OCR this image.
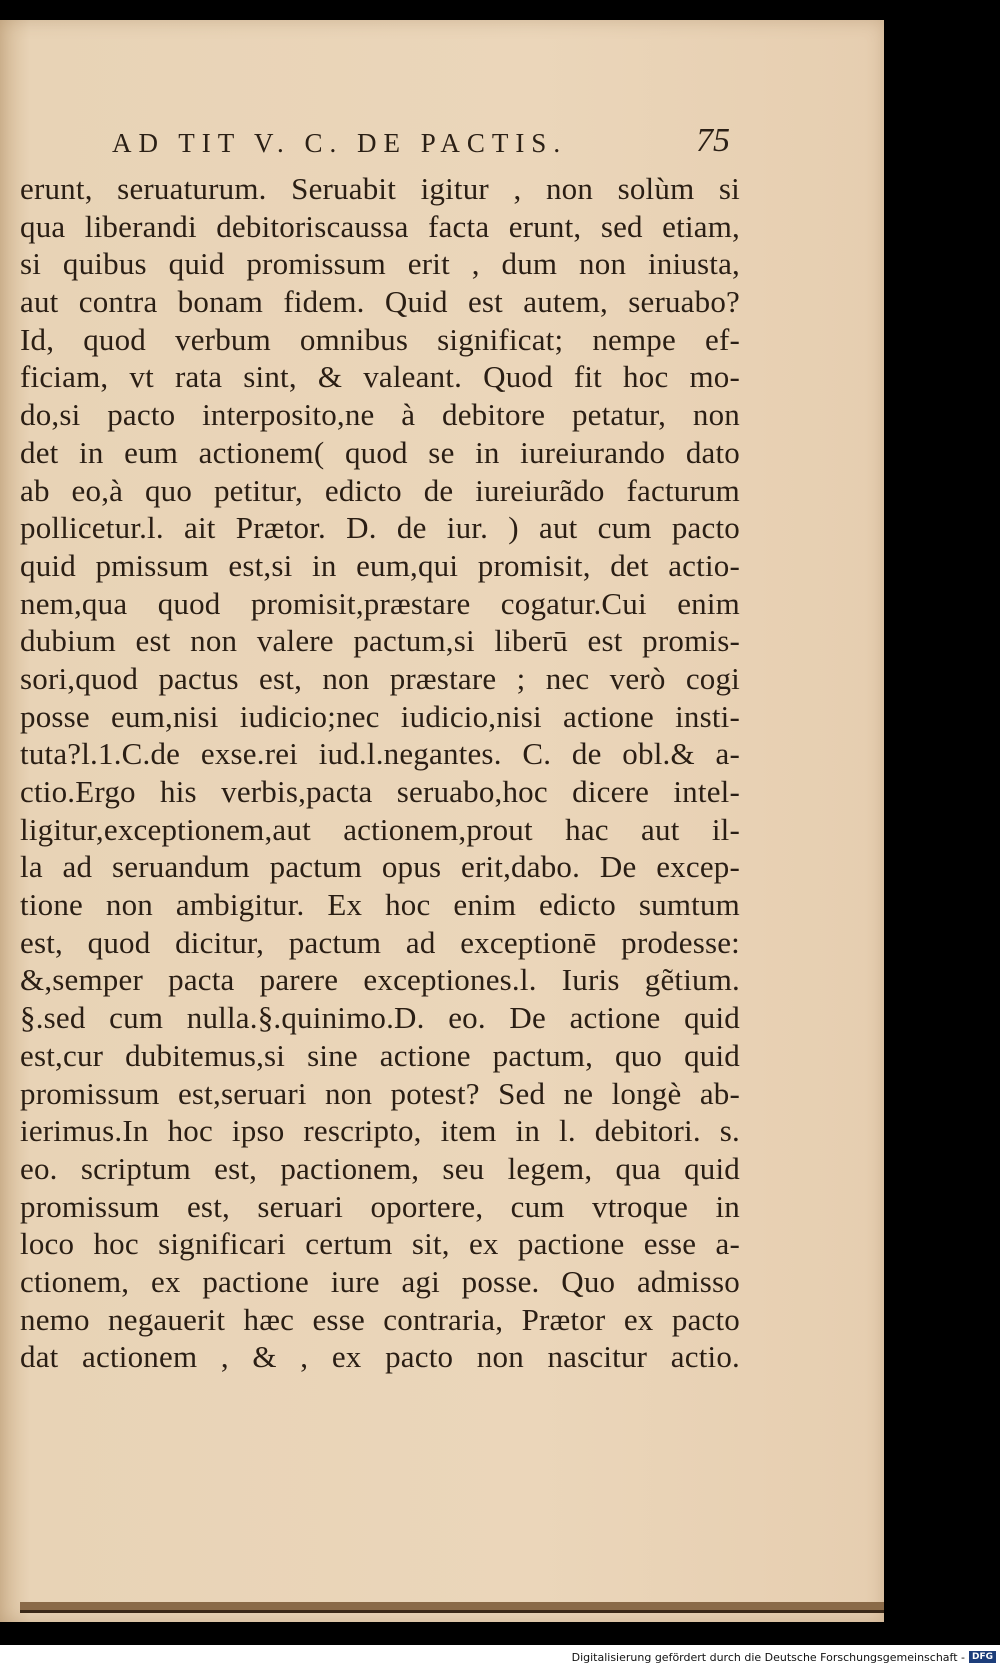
AD TIT V. C. DE PACTIS.	75
erunt, seruaturum. Seruabit igitur , non solùm si
qua liberandi debitoriscaussa facta erunt, sed etiam,
si quibus quid promissum erit , dum non iniusta,
aut contra bonam fidem. Quid est autem, seruabo?
Id, quod verbum omnibus significat; nempe ef-
ficiam, vt rata sint, & valeant. Quod fit hoc mo-
do,si pacto interposito,ne à debitore petatur, non
det in eum actionem( quod se in iureiurando dato
ab eo,à quo petitur, edicto de iureiurãdo facturum
pollicetur.l. ait Prætor. D. de iur. ) aut cum pacto
quid pmissum est,si in eum,qui promisit, det actio-
nem,qua quod promisit,præstare cogatur.Cui enim
dubium est non valere pactum,si liberū est promis-
sori,quod pactus est, non præstare ; nec verò cogi
posse eum,nisi iudicio;nec iudicio,nisi actione insti-
tuta?l.1.C.de exse.rei iud.l.negantes. C. de obl.& a-
ctio.Ergo his verbis,pacta seruabo,hoc dicere intel-
ligitur,exceptionem,aut actionem,prout hac aut il-
la ad seruandum pactum opus erit,dabo. De excep-
tione non ambigitur. Ex hoc enim edicto sumtum
est, quod dicitur, pactum ad exceptionē prodesse:
&,semper pacta parere exceptiones.l. Iuris gẽtium.
§.sed cum nulla.§.quinimo.D. eo. De actione quid
est,cur dubitemus,si sine actione pactum, quo quid
promissum est,seruari non potest? Sed ne longè ab-
ierimus.In hoc ipso rescripto, item in l. debitori. s.
eo. scriptum est, pactionem, seu legem, qua quid
promissum est, seruari oportere, cum vtroque in
loco hoc significari certum sit, ex pactione esse a-
ctionem, ex pactione iure agi posse. Quo admisso
nemo negauerit hæc esse contraria, Prætor ex pacto
dat actionem , & , ex pacto non nascitur actio.
Digitalisierung gefördert durch die Deutsche Forschungsgemeinschaft - DFG
